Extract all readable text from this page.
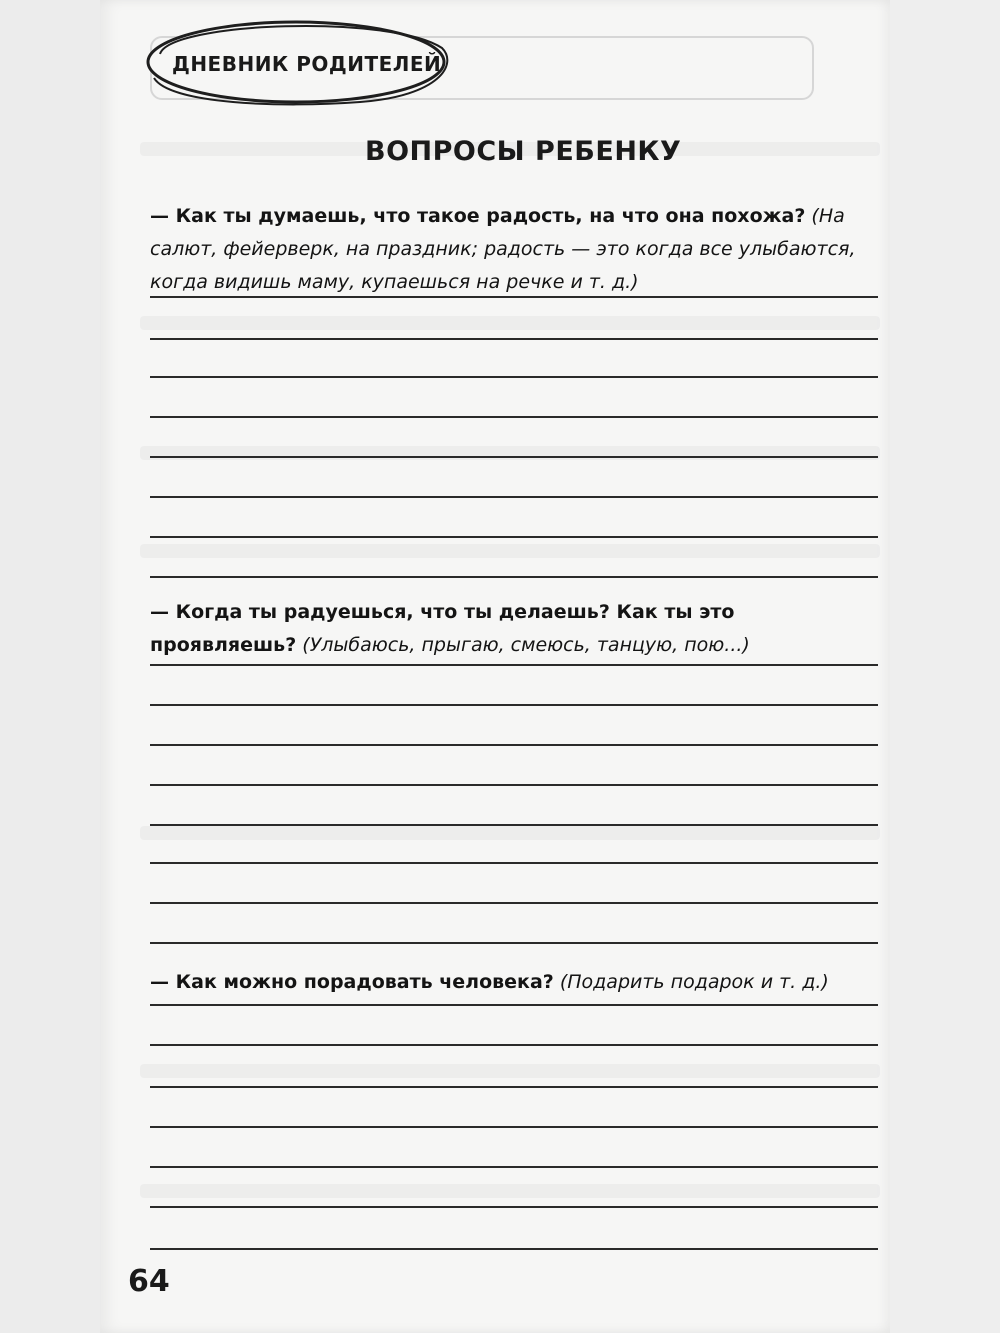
ДНЕВНИК РОДИТЕЛЕЙ
ВОПРОСЫ РЕБЕНКУ
— Как ты думаешь, что такое радость, на что она похожа? (На салют, фейерверк, на праздник; радость — это когда все улыбаются, когда видишь маму, купаешься на речке и т. д.)
— Когда ты радуешься, что ты делаешь? Как ты это проявляешь? (Улыбаюсь, прыгаю, смеюсь, танцую, пою...)
— Как можно порадовать человека? (Подарить подарок и т. д.)
64
